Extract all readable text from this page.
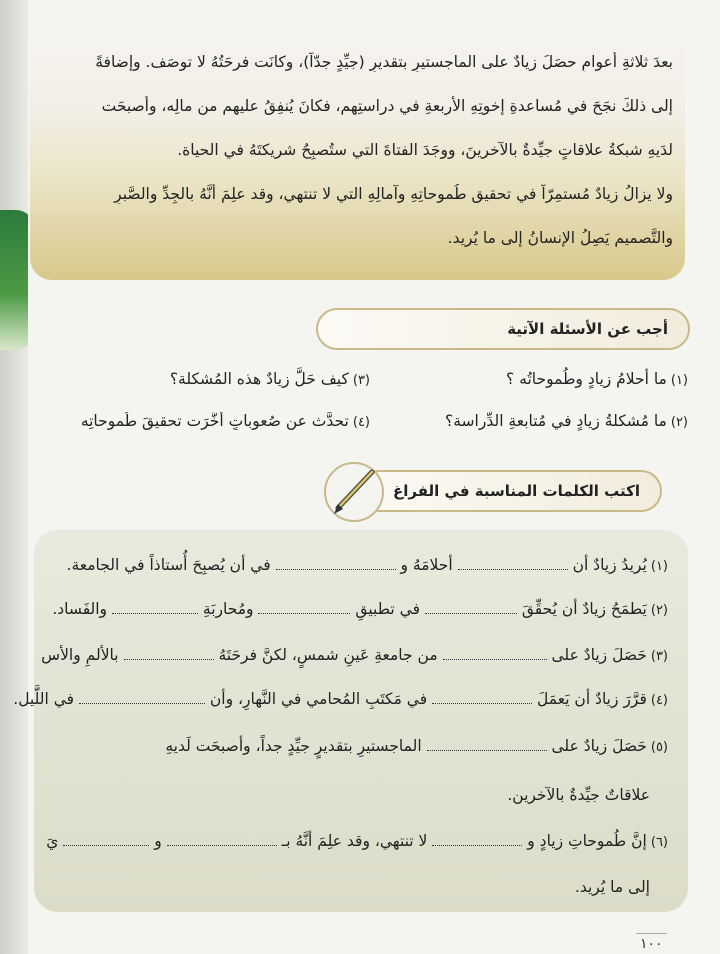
بعدَ ثلاثةِ أعوامٍ حصَلَ زيادٌ على الماجستيرِ بتقديرِ (جيِّدٍ جدّاً)، وكانَت فرحَتُهُ لا توصَف. وإضافةً

إلى ذلكَ نجَحَ في مُساعدةِ إخوتِهِ الأربعةِ في دراستِهِم، فكانَ يُنفِقُ عليهِم من مالِه، وأصبحَت

لدَيهِ شبكةُ علاقاتٍ جيِّدةٌ بالآخرينَ، ووجَدَ الفتاةَ التي ستُصبِحُ شريكتَهُ في الحياة.

ولا يزالُ زيادٌ مُستمِرّاً في تحقيقِ طُموحاتِهِ وآمالِهِ التي لا تنتهي، وقد علِمَ أنَّهُ بالجِدِّ والصَّبرِ

والتَّصميمِ يَصِلُ الإنسانُ إلى ما يُريد.

أجب عن الأسئلة الآتية
(١)ما أحلامُ زيادٍ وطُموحاتُه ؟
(٣)كيف حَلَّ زيادٌ هذه المُشكلة؟
(٢)ما مُشكلةُ زيادٍ في مُتابعةِ الدِّراسة؟
(٤)تحدَّث عن صُعوباتٍ أخَّرَت تحقيقَ طُموحاتِه
اكتب الكلمات المناسبة في الفراغ
(١)يُريدُ زيادٌ أن  أحلامَهُ و  في أن يُصبِحَ أُستاذاً في الجامعة.
(٢)يَطمَحُ زيادٌ أن يُحقِّقَ  في تطبيقِ  ومُحاربَةِ  والفَساد.
(٣)حَصَلَ زيادٌ على  من جامعةِ عَينِ شمسٍ، لكنَّ فرحَتَهُ  بالألمِ والأس
(٤)قرَّرَ زيادٌ أن يَعمَلَ  في مَكتَبِ المُحامي في النَّهارِ، وأن  في اللَّيل.
(٥)حَصَلَ زيادٌ على  الماجستيرِ بتقديرٍ جيِّدٍ جداً، وأصبحَت لَديهِ
علاقاتٌ جيِّدةٌ بالآخرين.
(٦)إنَّ طُموحاتِ زيادٍ و  لا تنتهي، وقد علِمَ أنَّهُ بـ  و  يَ
إلى ما يُريد.
١٠٠
